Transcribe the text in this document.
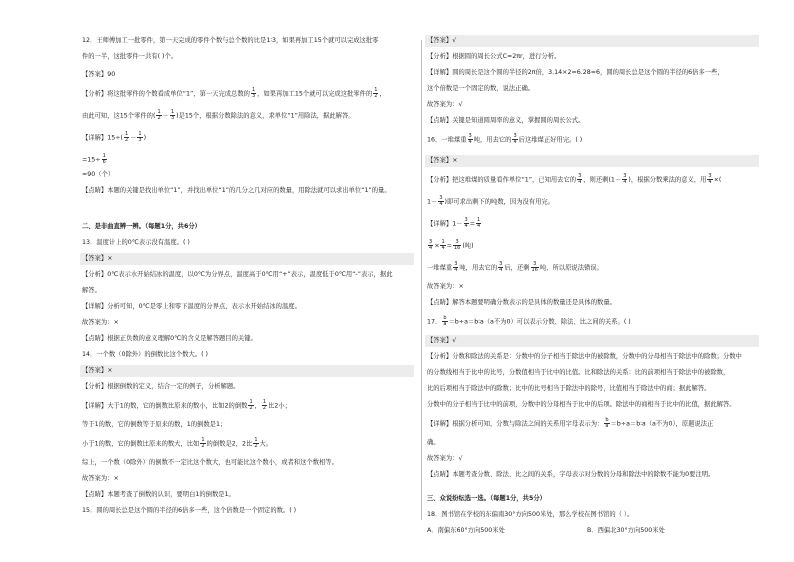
12．王师傅加工一批零件，第一天完成的零件个数与总个数的比是1∶3，如果再加工15个就可以完成这批零
件的一半，这批零件一共有( )个。
【答案】90
【分析】将这批零件的个数看成单位“1”，第一天完成总数的 $\frac{1}{3}$ ，如果再加工15个就可以完成这批零件的 $\frac{1}{2}$ ，
由此可知，这15个零件的( $\frac{1}{2} - \frac{1}{3}$ )是15个，根据分数除法的意义，求单位“1”用除法，据此解答。
【详解】$15\div( \frac{1}{2} - \frac{1}{3}$ )
$=15\div \frac{1}{6}$
=90（个）
【点睛】本题的关键是找出单位“1”，并找出单位“1”的几分之几对应的数量，用除法就可以求出单位“1”的量。
二、是非曲直辨一辨。（每题1分，共6分）
13．温度计上的0℃表示没有温度。( )
【答案】×
【分析】0℃表示水开始结冰的温度，以0℃为分界点，温度高于0℃用“+”表示，温度低于0℃用“-”表示，据此
解答。
【详解】分析可知，0℃是零上和零下温度的分界点，表示水开始结冰的温度。
故答案为：×
【点睛】根据正负数的意义理解0℃的含义是解答题目的关键。
14．一个数（0除外）的倒数比这个数大。( )
【答案】×
【分析】根据倒数的定义，结合一定的例子，分析解题。
【详解】大于1的数，它的倒数比原来的数小，比如2的倒数 $\frac{1}{2}$ ， $\frac{1}{2}$ 比2小；
等于1的数，它的倒数等于原来的数，1的倒数是1；
小于1的数，它的倒数比原来的数大，比如 $\frac{1}{2}$ 的倒数是2，2比 $\frac{1}{2}$ 大。
综上，一个数（0除外）的倒数不一定比这个数大，也可能比这个数小，或者和这个数相等。
故答案为：×
【点睛】本题考查了倒数的认识，要明白1的倒数是1。
15．圆的周长总是这个圆的半径的6倍多一些，这个倍数是一个固定的数。( )
【答案】√
【分析】根据圆的周长公式C=2πr，进行分析。
【详解】圆的周长是这个圆的半径的2π倍，3.14×2=6.28=6，圆的周长总是这个圆的半径的6倍多一些，
这个倍数是一个固定的数，说法正确。
故答案为：√
【点睛】关键是知道圆周率的意义，掌握圆的周长公式。
16．一堆煤重 $\frac{3}{4}$ 吨，用去它的 $\frac{3}{4}$ 后这堆煤正好用完。( )
【答案】×
【分析】把这堆煤的质量看作单位“1”，已知用去它的 $\frac{3}{4}$ ，则还剩($1- \frac{3}{4}$ )，根据分数乘法的意义，用 $\frac{3}{4}$ ×(
$1- \frac{3}{4}$ )即可求出剩下的吨数，因为没有用完。
【详解】$1- \frac{3}{4} = \frac{1}{4}$
$\frac{3}{4} \times \frac{1}{4} = \frac{3}{16}$ (吨)
一堆煤重 $\frac{3}{4}$ 吨，用去它的 $\frac{3}{4}$ 后，还剩 $\frac{3}{16}$ 吨，所以原说法错误。
故答案为：×
【点睛】解答本题要明确分数表示的是具体的数量还是具体的数量。
17． $\frac{b}{a}$ ＝b÷a＝b∶a（a不为0）可以表示分数、除法、比之间的关系。( )
【答案】√
【分析】分数和除法的关系是：分数中的分子相当于除法中的被除数，分数中的分母相当于除法中的除数；分数中
的分数线相当于比中的比号，分数值相当于比中的比值。比和除法的关系：比的前项相当于除法中的被除数，
比的后项相当于除法中的除数；比中的比号相当于除法中的除号，比值相当于除法中的商；据此解答。
分数中的分子相当于比中的前项，分数中的分母相当于比中的后项。除法中的商相当于比中的比值，据此解答。
【详解】根据分析可知，分数与除法之间的关系用字母表示为： $\frac{b}{a}$ ＝b÷a＝b∶a（a不为0），原题说法正
确。
故答案为：√
【点睛】本题考查分数、除法、比之间的关系，字母表示对分数的分母和除法中的除数不能为0要注明。
三、众说纷纭选一选。（每题1分，共5分）
18．图书馆在学校的东偏南30°方向500米处，那么学校在图书馆的（ ）。
A．南偏东60°方向500米处	B．西偏北30°方向500米处
